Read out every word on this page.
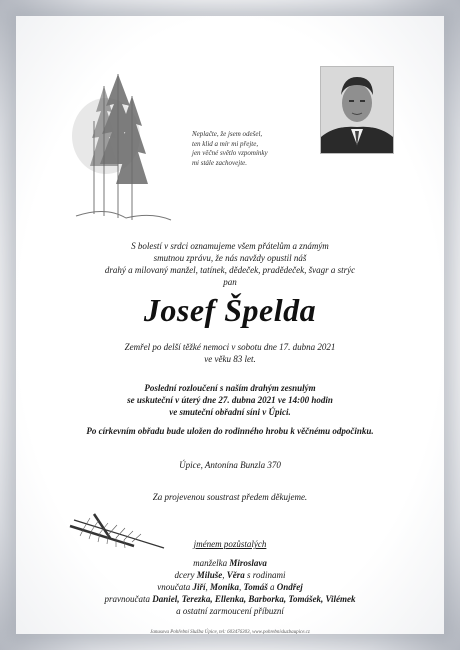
Neplačte, že jsem odešel,
ten klid a mír mi přejte,
jen věčné světlo vzpomínky
mi stále zachovejte.
S bolestí v srdci oznamujeme všem přátelům a známým
smutnou zprávu, že nás navždy opustil náš
drahý a milovaný manžel, tatínek, dědeček, pradědeček, švagr a strýc
pan
Josef Špelda
Zemřel po delší těžké nemoci v sobotu dne 17. dubna 2021
ve věku 83 let.
Poslední rozloučení s naším drahým zesnulým
se uskuteční v úterý dne 27. dubna 2021 ve 14:00 hodin
ve smuteční obřadní síni v Úpici.
Po církevním obřadu bude uložen do rodinného hrobu k věčnému odpočinku.
Úpice, Antonína Bunzla 370
Za projevenou soustrast předem děkujeme.
jménem pozůstalých
manželka Miroslava
dcery Miluše, Věra s rodinami
vnoučata Jiří, Monika, Tomáš a Ondřej
pravnoučata Daniel, Terezka, Ellenka, Barborka, Tomášek, Vilémek
a ostatní zarmoucení příbuzní
Janusova Pohřební Služba Úpice, tel: 603476303, www.pohrebnisluzbaupice.cz
